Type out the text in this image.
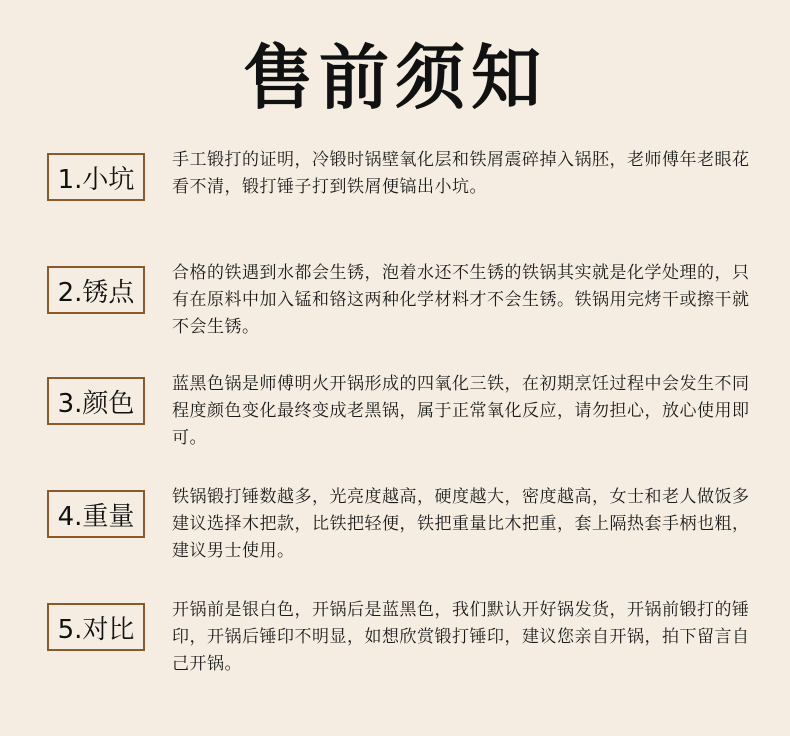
售前须知
1.小坑
手工锻打的证明，冷锻时锅壁氧化层和铁屑震碎掉入锅胚，老师傅年老眼花看不清，锻打锤子打到铁屑便镐出小坑。
2.锈点
合格的铁遇到水都会生锈，泡着水还不生锈的铁锅其实就是化学处理的，只有在原料中加入锰和铬这两种化学材料才不会生锈。铁锅用完烤干或擦干就不会生锈。
3.颜色
蓝黑色锅是师傅明火开锅形成的四氧化三铁，在初期烹饪过程中会发生不同程度颜色变化最终变成老黑锅，属于正常氧化反应，请勿担心，放心使用即可。
4.重量
铁锅锻打锤数越多，光亮度越高，硬度越大，密度越高，女士和老人做饭多建议选择木把款，比铁把轻便，铁把重量比木把重，套上隔热套手柄也粗，建议男士使用。
5.对比
开锅前是银白色，开锅后是蓝黑色，我们默认开好锅发货，开锅前锻打的锤印，开锅后锤印不明显，如想欣赏锻打锤印，建议您亲自开锅，拍下留言自己开锅。
